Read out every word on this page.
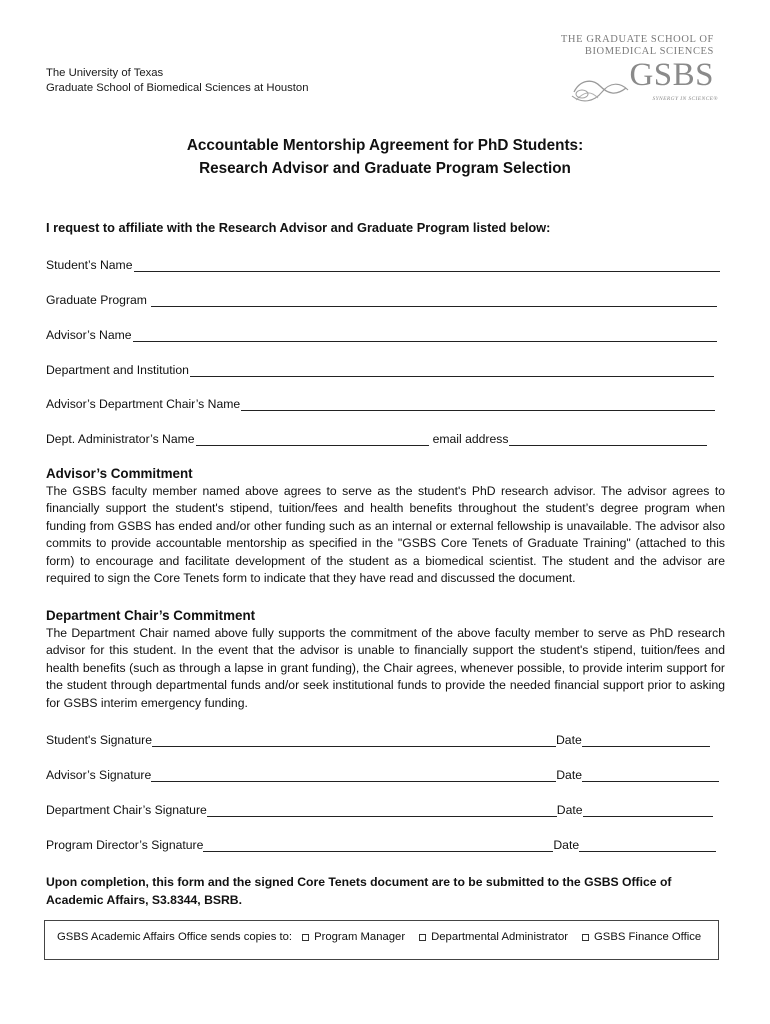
The University of Texas
Graduate School of Biomedical Sciences at Houston
THE GRADUATE SCHOOL OF
BIOMEDICAL SCIENCES
GSBS
SYNERGY IN SCIENCE®
Accountable Mentorship Agreement for PhD Students:
Research Advisor and Graduate Program Selection
I request to affiliate with the Research Advisor and Graduate Program listed below:
Student’s Name
Graduate Program
Advisor’s Name
Department and Institution
Advisor’s Department Chair’s Name
Dept. Administrator’s Name	email address
Advisor’s Commitment

The GSBS faculty member named above agrees to serve as the student's PhD research advisor. The advisor agrees to financially support the student's stipend, tuition/fees and health benefits throughout the student’s degree program when funding from GSBS has ended and/or other funding such as an internal or external fellowship is unavailable. The advisor also commits to provide accountable mentorship as specified in the "GSBS Core Tenets of Graduate Training" (attached to this form) to encourage and facilitate development of the student as a biomedical scientist. The student and the advisor are required to sign the Core Tenets form to indicate that they have read and discussed the document.

Department Chair’s Commitment

The Department Chair named above fully supports the commitment of the above faculty member to serve as PhD research advisor for this student. In the event that the advisor is unable to financially support the student's stipend, tuition/fees and health benefits (such as through a lapse in grant funding), the Chair agrees, whenever possible, to provide interim support for the student through departmental funds and/or seek institutional funds to provide the needed financial support prior to asking for GSBS interim emergency funding.

Student's Signature	Date
Advisor’s Signature	Date
Department Chair’s Signature	Date
Program Director’s Signature	Date
Upon completion, this form and the signed Core Tenets document are to be submitted to the GSBS Office of Academic Affairs, S3.8344, BSRB.
GSBS Academic Affairs Office sends copies to: Program Manager Departmental Administrator GSBS Finance Office
